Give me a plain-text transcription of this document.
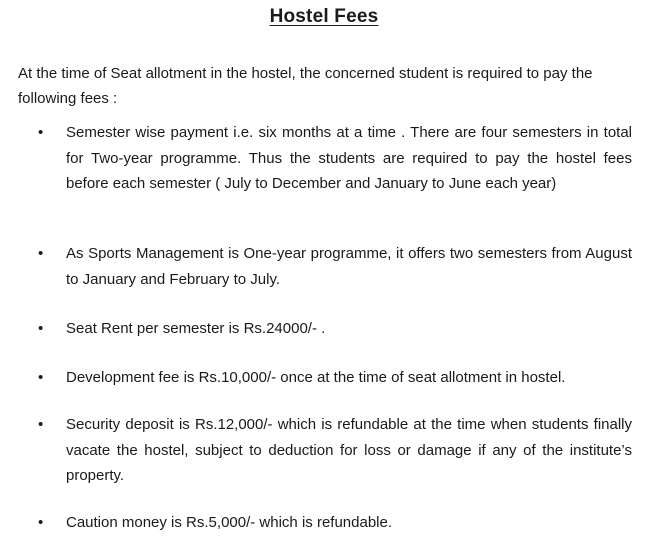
Hostel Fees
At the time of Seat allotment in the hostel, the concerned student is required to pay the following fees :
•	Semester wise payment i.e. six months at a time . There are four semesters in total for Two-year programme. Thus the students are required to pay the hostel fees before each semester ( July to December and January to June each year)
•	As Sports Management is One-year programme, it offers two semesters from August to January and February to July.
•	Seat Rent per semester is Rs.24000/- .
•	Development fee is Rs.10,000/- once at the time of seat allotment in hostel.
•	Security deposit is Rs.12,000/- which is refundable at the time when students finally vacate the hostel, subject to deduction for loss or damage if any of the institute’s property.
•	Caution money is Rs.5,000/- which is refundable.
